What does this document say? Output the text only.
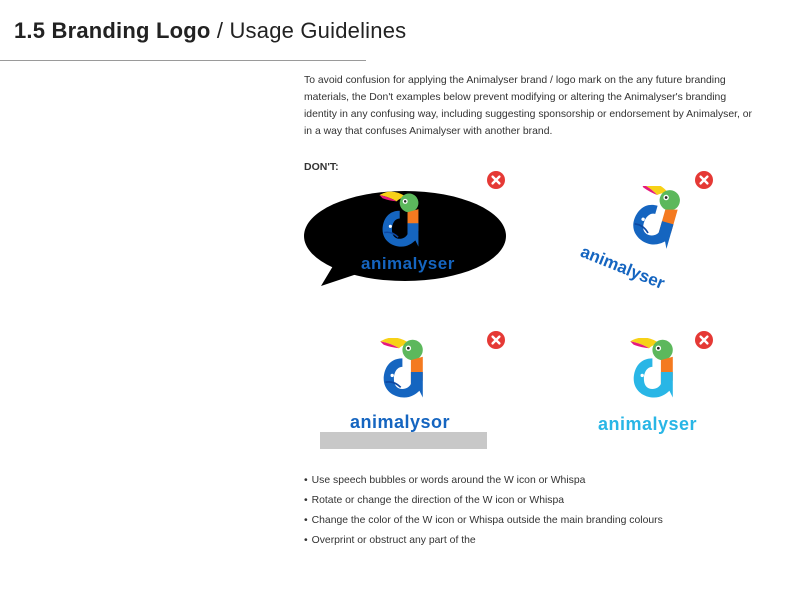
1.5 Branding Logo / Usage Guidelines
To avoid confusion for applying the Animalyser brand / logo mark on the any future branding materials, the Don't examples below prevent modifying or altering the Animalyser's branding identity in any confusing way, including suggesting sponsorship or endorsement by Animalyser, or in a way that confuses Animalyser with another brand.
DON'T:
animalyser	animalyser
animalysor	animalyser
• Use speech bubbles or words around the W icon or Whispa
• Rotate or change the direction of the W icon or Whispa
• Change the color of the W icon or Whispa outside the main branding colours
• Overprint or obstruct any part of the
